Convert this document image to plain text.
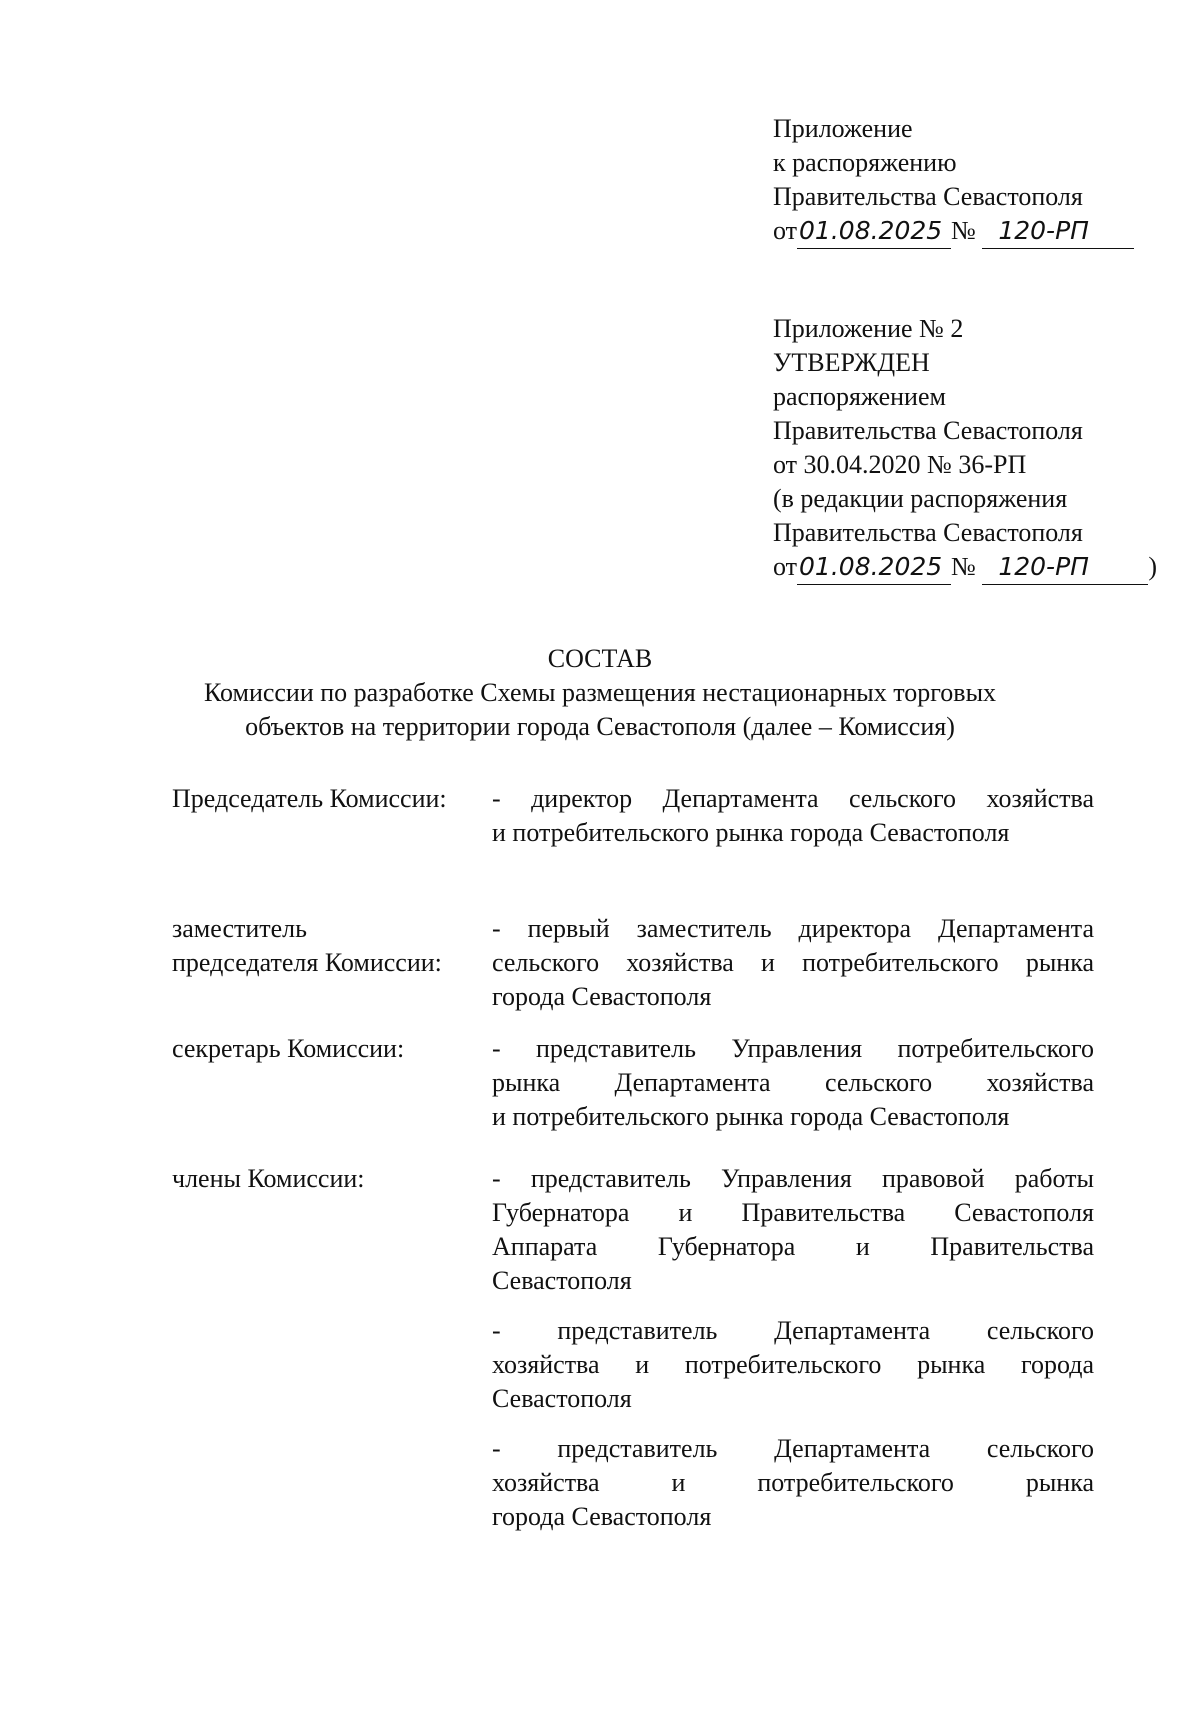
Приложение
к распоряжению
Правительства Севастополя
от01.08.2025 № 120-РП
Приложение № 2
УТВЕРЖДЕН
распоряжением
Правительства Севастополя
от 30.04.2020 № 36-РП
(в редакции распоряжения
Правительства Севастополя
от01.08.2025 № 120-РП )
СОСТАВ
Комиссии по разработке Схемы размещения нестационарных торговых
объектов на территории города Севастополя (далее – Комиссия)
Председатель Комиссии:	- директор Департамента сельского хозяйства
и потребительского рынка города Севастополя
заместитель
председателя Комиссии:
- первый заместитель директора Департамента
сельского хозяйства и потребительского рынка
города Севастополя
секретарь Комиссии:	- представитель Управления потребительского
рынка Департамента сельского хозяйства
и потребительского рынка города Севастополя
члены Комиссии:	- представитель Управления правовой работы
Губернатора и Правительства Севастополя
Аппарата Губернатора и Правительства
Севастополя
- представитель Департамента сельского
хозяйства и потребительского рынка города
Севастополя
- представитель Департамента сельского
хозяйства и потребительского рынка
города Севастополя
